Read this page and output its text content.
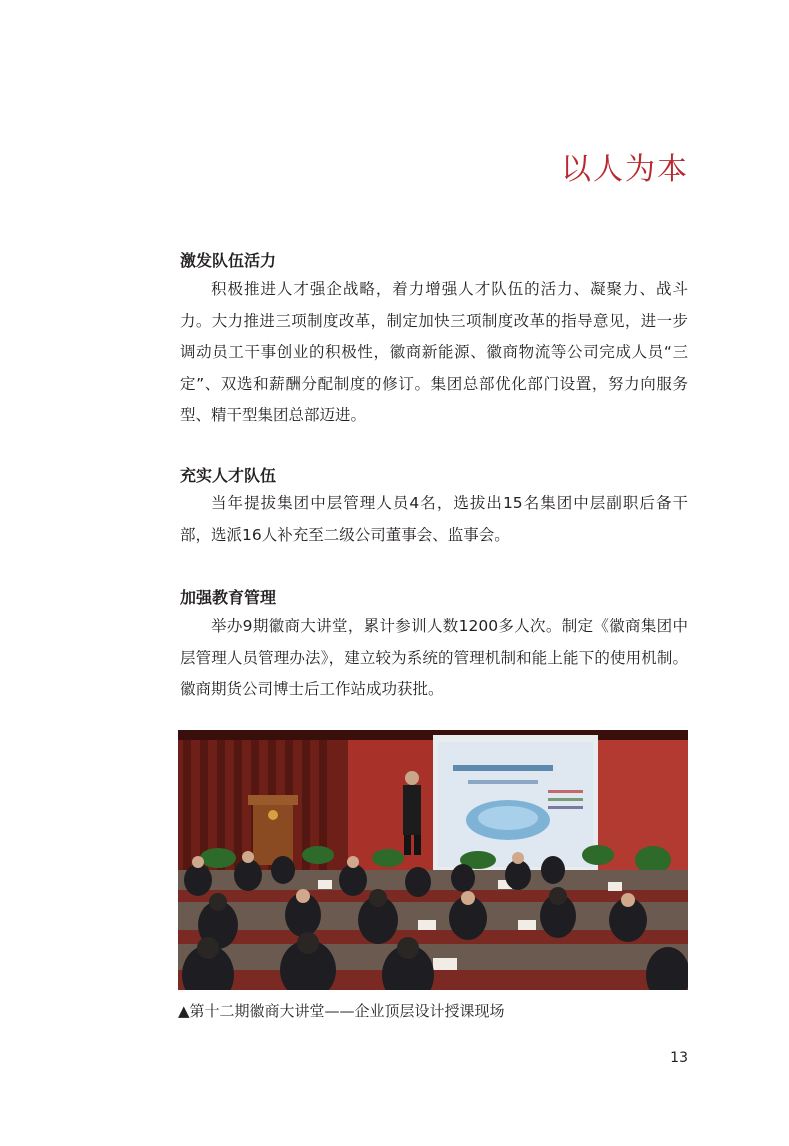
以人为本
激发队伍活力
积极推进人才强企战略，着力增强人才队伍的活力、凝聚力、战斗力。大力推进三项制度改革，制定加快三项制度改革的指导意见，进一步调动员工干事创业的积极性，徽商新能源、徽商物流等公司完成人员“三定”、双选和薪酬分配制度的修订。集团总部优化部门设置，努力向服务型、精干型集团总部迈进。
充实人才队伍
当年提拔集团中层管理人员4名，选拔出15名集团中层副职后备干部，选派16人补充至二级公司董事会、监事会。
加强教育管理
举办9期徽商大讲堂，累计参训人数1200多人次。制定《徽商集团中层管理人员管理办法》，建立较为系统的管理机制和能上能下的使用机制。徽商期货公司博士后工作站成功获批。
▲第十二期徽商大讲堂——企业顶层设计授课现场
13
